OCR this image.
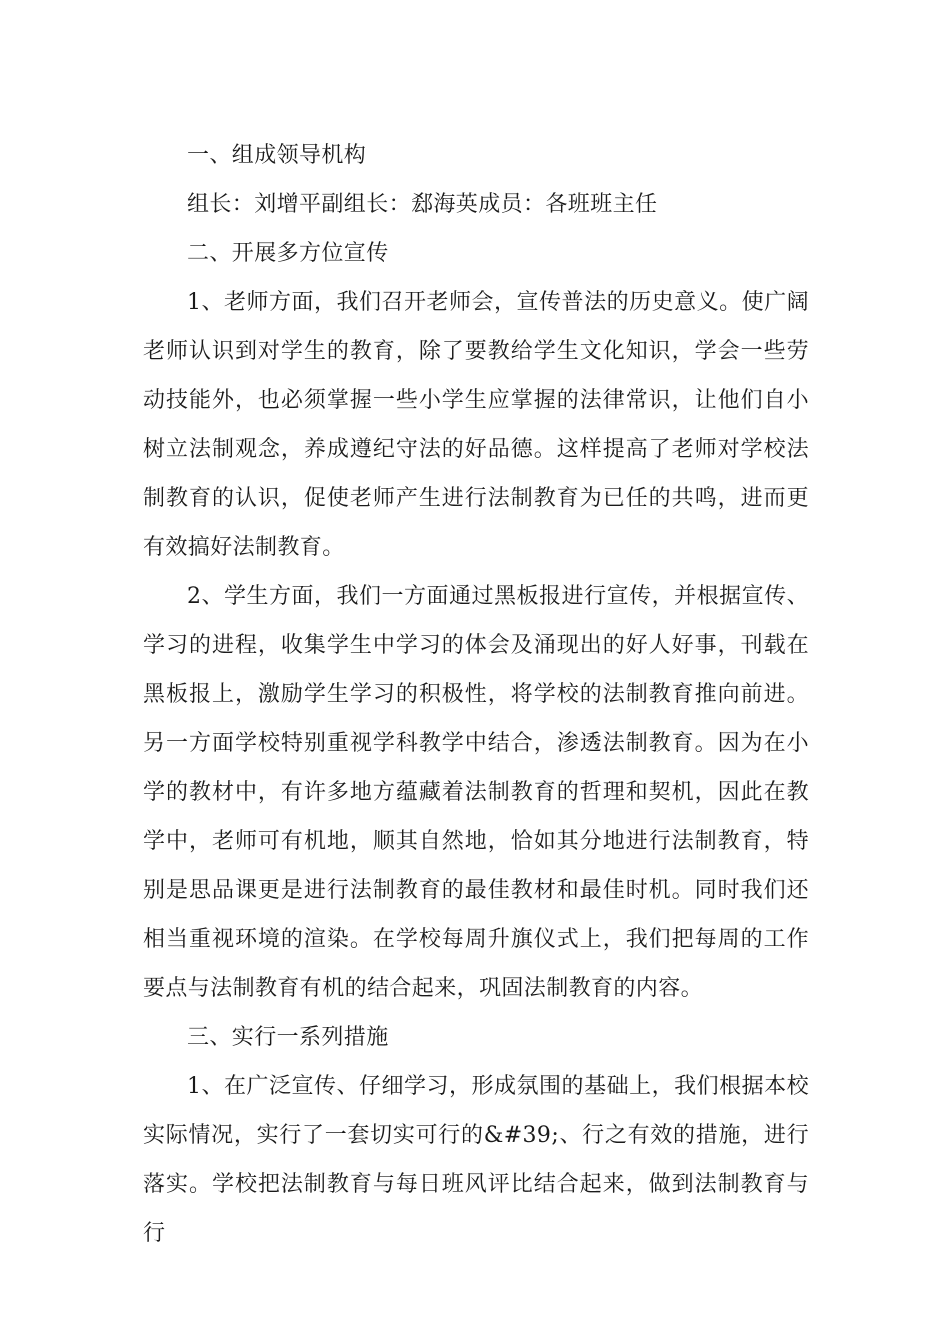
一、组成领导机构

组长：刘增平副组长：郄海英成员：各班班主任

二、开展多方位宣传

1、老师方面，我们召开老师会，宣传普法的历史意义。使广阔老师认识到对学生的教育，除了要教给学生文化知识，学会一些劳动技能外，也必须掌握一些小学生应掌握的法律常识，让他们自小树立法制观念，养成遵纪守法的好品德。这样提高了老师对学校法制教育的认识，促使老师产生进行法制教育为已任的共鸣，进而更有效搞好法制教育。

2、学生方面，我们一方面通过黑板报进行宣传，并根据宣传、学习的进程，收集学生中学习的体会及涌现出的好人好事，刊载在黑板报上，激励学生学习的积极性，将学校的法制教育推向前进。另一方面学校特别重视学科教学中结合，渗透法制教育。因为在小学的教材中，有许多地方蕴藏着法制教育的哲理和契机，因此在教学中，老师可有机地，顺其自然地，恰如其分地进行法制教育，特别是思品课更是进行法制教育的最佳教材和最佳时机。同时我们还相当重视环境的渲染。在学校每周升旗仪式上，我们把每周的工作要点与法制教育有机的结合起来，巩固法制教育的内容。

三、实行一系列措施

1、在广泛宣传、仔细学习，形成氛围的基础上，我们根据本校实际情况，实行了一套切实可行的&#39;、行之有效的措施，进行落实。学校把法制教育与每日班风评比结合起来，做到法制教育与行
